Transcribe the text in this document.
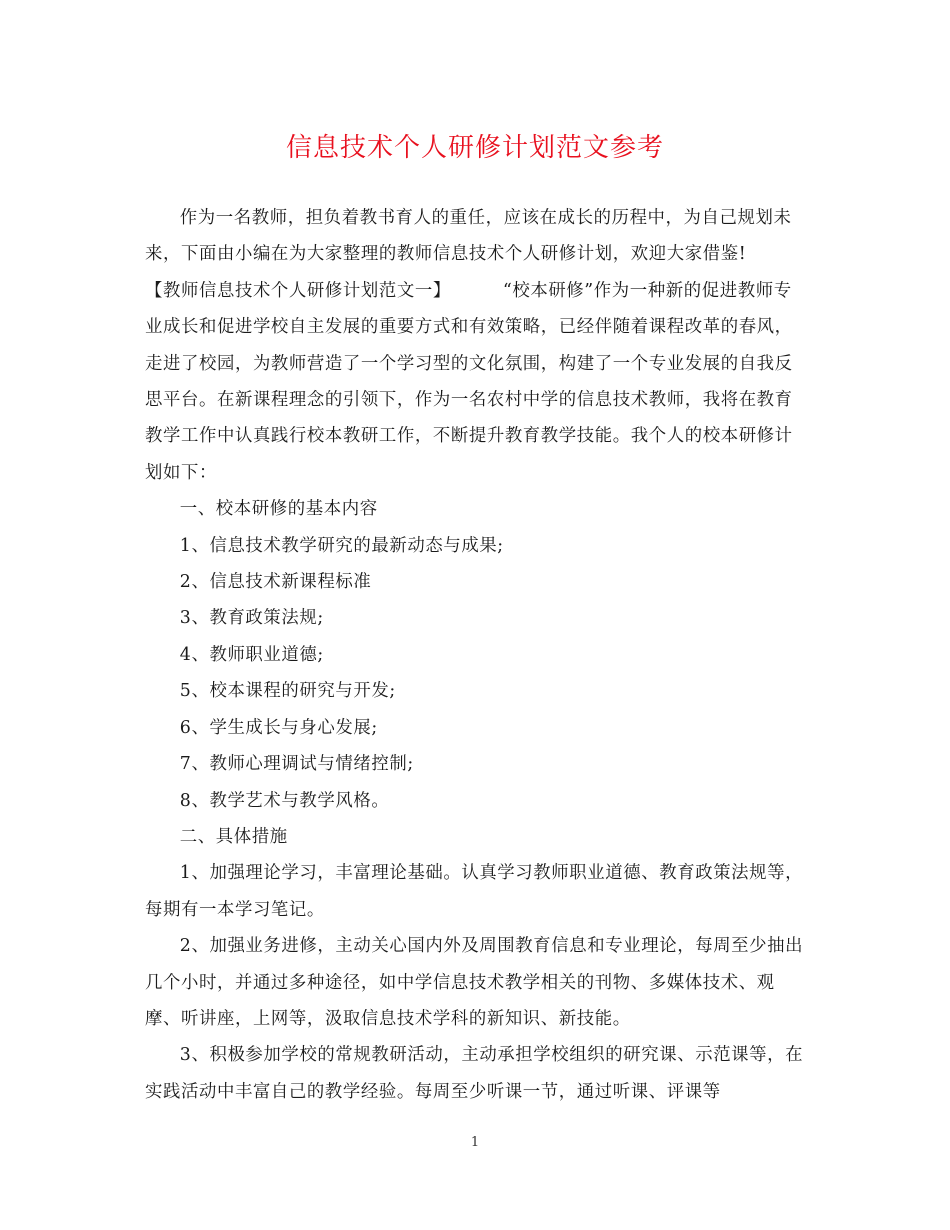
信息技术个人研修计划范文参考

作为一名教师，担负着教书育人的重任，应该在成长的历程中，为自己规划未来，下面由小编在为大家整理的教师信息技术个人研修计划，欢迎大家借鉴!

【教师信息技术个人研修计划范文一】	“校本研修”作为一种新的促进教师专业成长和促进学校自主发展的重要方式和有效策略，已经伴随着课程改革的春风，走进了校园，为教师营造了一个学习型的文化氛围，构建了一个专业发展的自我反思平台。在新课程理念的引领下，作为一名农村中学的信息技术教师，我将在教育教学工作中认真践行校本教研工作，不断提升教育教学技能。我个人的校本研修计划如下：

一、校本研修的基本内容

1、信息技术教学研究的最新动态与成果;

2、信息技术新课程标准

3、教育政策法规;

4、教师职业道德;

5、校本课程的研究与开发;

6、学生成长与身心发展;

7、教师心理调试与情绪控制;

8、教学艺术与教学风格。

二、具体措施

1、加强理论学习，丰富理论基础。认真学习教师职业道德、教育政策法规等，每期有一本学习笔记。

2、加强业务进修，主动关心国内外及周围教育信息和专业理论，每周至少抽出几个小时，并通过多种途径，如中学信息技术教学相关的刊物、多媒体技术、观摩、听讲座，上网等，汲取信息技术学科的新知识、新技能。

3、积极参加学校的常规教研活动，主动承担学校组织的研究课、示范课等，在实践活动中丰富自己的教学经验。每周至少听课一节，通过听课、评课等

1
